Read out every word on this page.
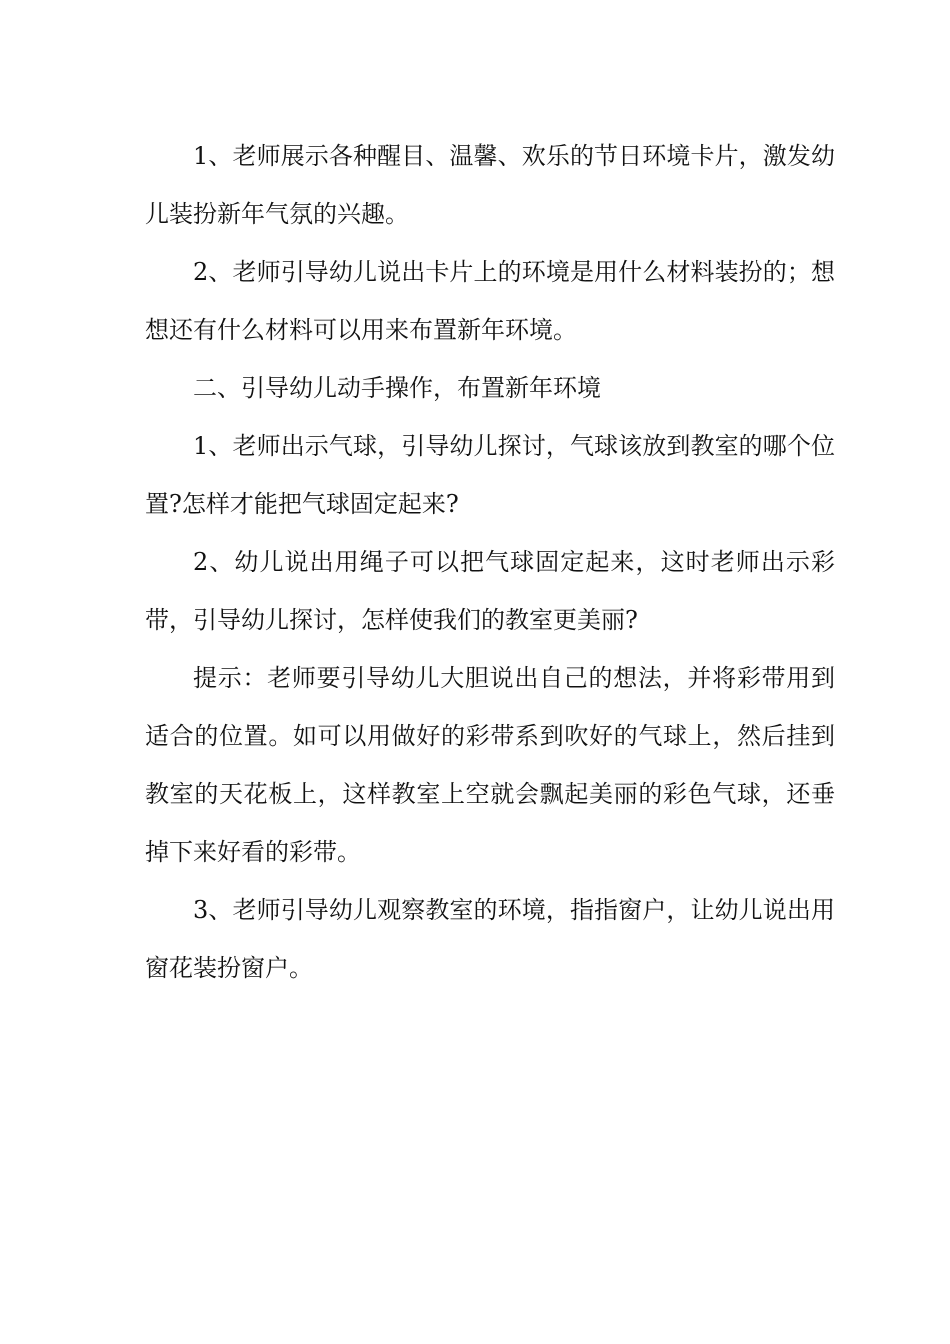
1、老师展示各种醒目、温馨、欢乐的节日环境卡片，激发幼儿装扮新年气氛的兴趣。

2、老师引导幼儿说出卡片上的环境是用什么材料装扮的；想想还有什么材料可以用来布置新年环境。

二、引导幼儿动手操作，布置新年环境

1、老师出示气球，引导幼儿探讨，气球该放到教室的哪个位置?怎样才能把气球固定起来?

2、幼儿说出用绳子可以把气球固定起来，这时老师出示彩带，引导幼儿探讨，怎样使我们的教室更美丽?

提示：老师要引导幼儿大胆说出自己的想法，并将彩带用到适合的位置。如可以用做好的彩带系到吹好的气球上，然后挂到教室的天花板上，这样教室上空就会飘起美丽的彩色气球，还垂掉下来好看的彩带。

3、老师引导幼儿观察教室的环境，指指窗户，让幼儿说出用窗花装扮窗户。
